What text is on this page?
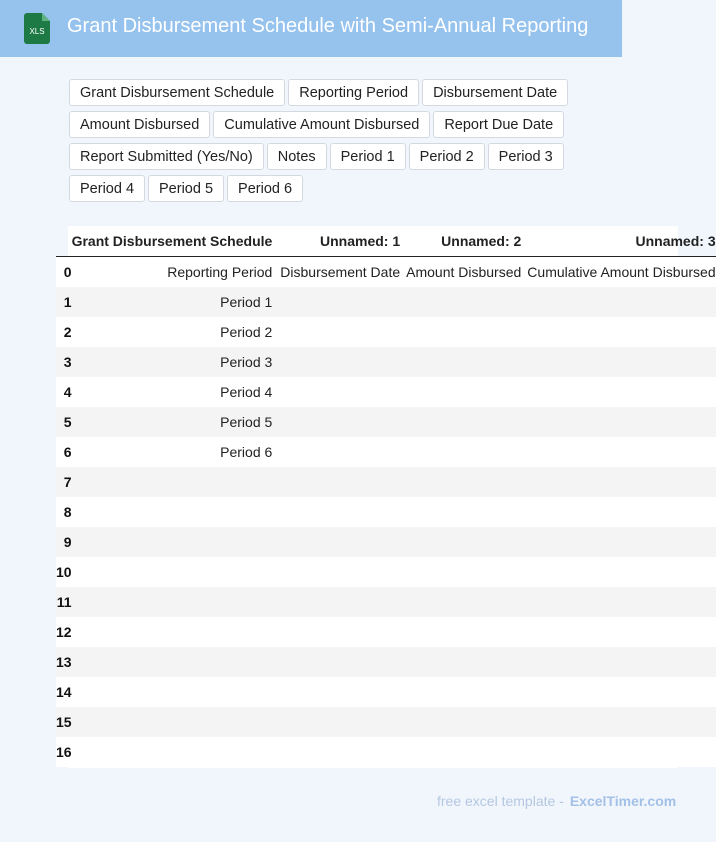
XLS Grant Disbursement Schedule with Semi-Annual Reporting
Grant Disbursement Schedule	Reporting Period	Disbursement Date
Amount Disbursed	Cumulative Amount Disbursed	Report Due Date
Report Submitted (Yes/No)	Notes	Period 1	Period 2	Period 3
Period 4	Period 5	Period 6
	Grant Disbursement Schedule	Unnamed: 1	Unnamed: 2	Unnamed: 3
0	Reporting Period	Disbursement Date	Amount Disbursed	Cumulative Amount Disbursed
1	Period 1			
2	Period 2			
3	Period 3			
4	Period 4			
5	Period 5			
6	Period 6			
7				
8				
9				
10				
11				
12				
13				
14				
15				
16				
free excel template - ExcelTimer.com
